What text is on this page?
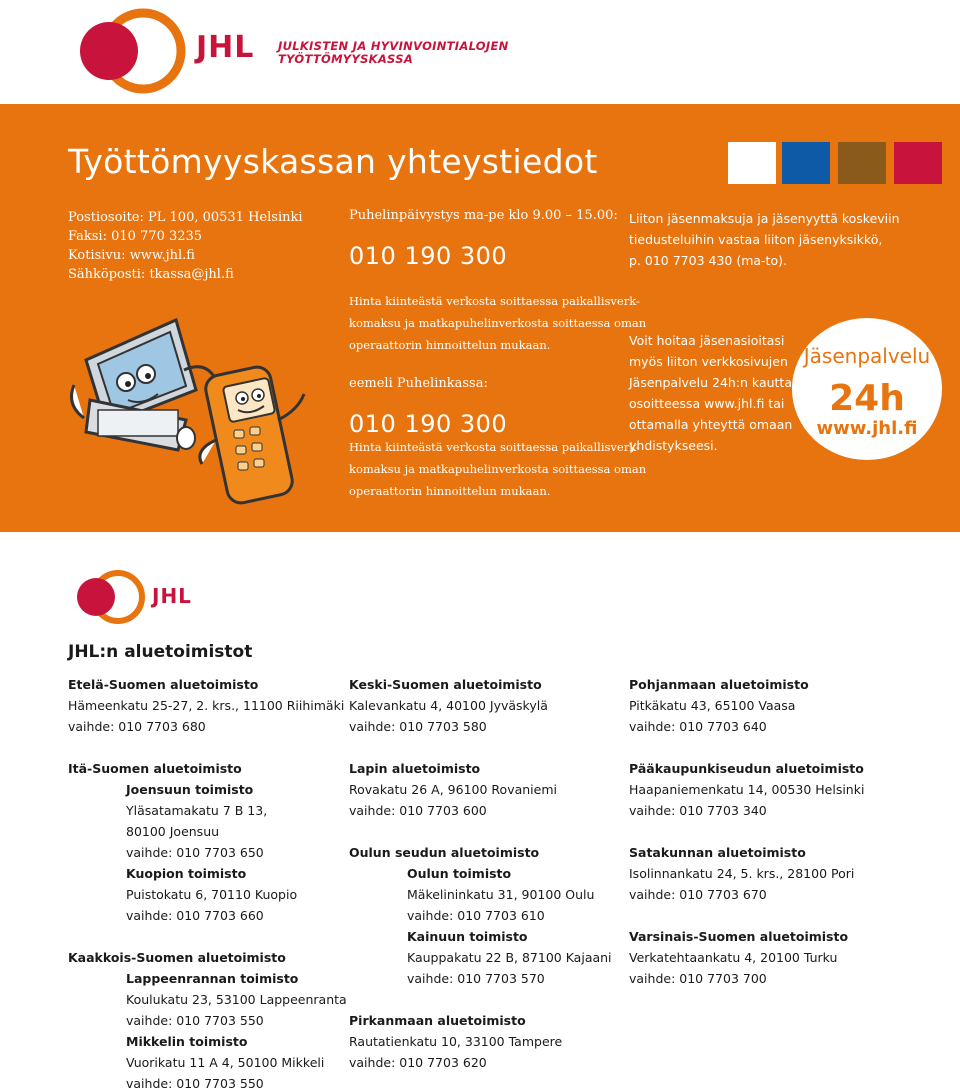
JHL JULKISTEN JA HYVINVOINTIALOJEN
TYÖTTÖMYYSKASSA
Työttömyyskassan yhteystiedot
Postiosoite: PL 100, 00531 Helsinki
Faksi: 010 770 3235
Kotisivu: www.jhl.fi
Sähköposti: tkassa@jhl.fi
Puhelinpäivystys ma-pe klo 9.00 – 15.00:
010 190 300
Hinta kiinteästä verkosta soittaessa paikallisverk-
komaksu ja matkapuhelinverkosta soittaessa oman
operaattorin hinnoittelun mukaan.
eemeli Puhelinkassa:
010 190 300
Hinta kiinteästä verkosta soittaessa paikallisverk-
komaksu ja matkapuhelinverkosta soittaessa oman
operaattorin hinnoittelun mukaan.
Liiton jäsenmaksuja ja jäsenyyttä koskeviin
tiedusteluihin vastaa liiton jäsenyksikkö,
p. 010 7703 430 (ma-to).
Voit hoitaa jäsenasioitasi
myös liiton verkkosivujen
Jäsenpalvelu 24h:n kautta
osoitteessa www.jhl.fi tai
ottamalla yhteyttä omaan
yhdistykseesi.
Jäsenpalvelu
24h
www.jhl.fi
JHL
JHL:n aluetoimistot
Etelä-Suomen aluetoimisto
Hämeenkatu 25-27, 2. krs., 11100 Riihimäki
vaihde: 010 7703 680
Itä-Suomen aluetoimisto
Joensuun toimisto
Yläsatamakatu 7 B 13,
80100 Joensuu
vaihde: 010 7703 650
Kuopion toimisto
Puistokatu 6, 70110 Kuopio
vaihde: 010 7703 660
Kaakkois-Suomen aluetoimisto
Lappeenrannan toimisto
Koulukatu 23, 53100 Lappeenranta
vaihde: 010 7703 550
Mikkelin toimisto
Vuorikatu 11 A 4, 50100 Mikkeli
vaihde: 010 7703 550
Keski-Suomen aluetoimisto
Kalevankatu 4, 40100 Jyväskylä
vaihde: 010 7703 580
Lapin aluetoimisto
Rovakatu 26 A, 96100 Rovaniemi
vaihde: 010 7703 600
Oulun seudun aluetoimisto
Oulun toimisto
Mäkelininkatu 31, 90100 Oulu
vaihde: 010 7703 610
Kainuun toimisto
Kauppakatu 22 B, 87100 Kajaani
vaihde: 010 7703 570
Pirkanmaan aluetoimisto
Rautatienkatu 10, 33100 Tampere
vaihde: 010 7703 620
Pohjanmaan aluetoimisto
Pitkäkatu 43, 65100 Vaasa
vaihde: 010 7703 640
Pääkaupunkiseudun aluetoimisto
Haapaniemenkatu 14, 00530 Helsinki
vaihde: 010 7703 340
Satakunnan aluetoimisto
Isolinnankatu 24, 5. krs., 28100 Pori
vaihde: 010 7703 670
Varsinais-Suomen aluetoimisto
Verkatehtaankatu 4, 20100 Turku
vaihde: 010 7703 700
